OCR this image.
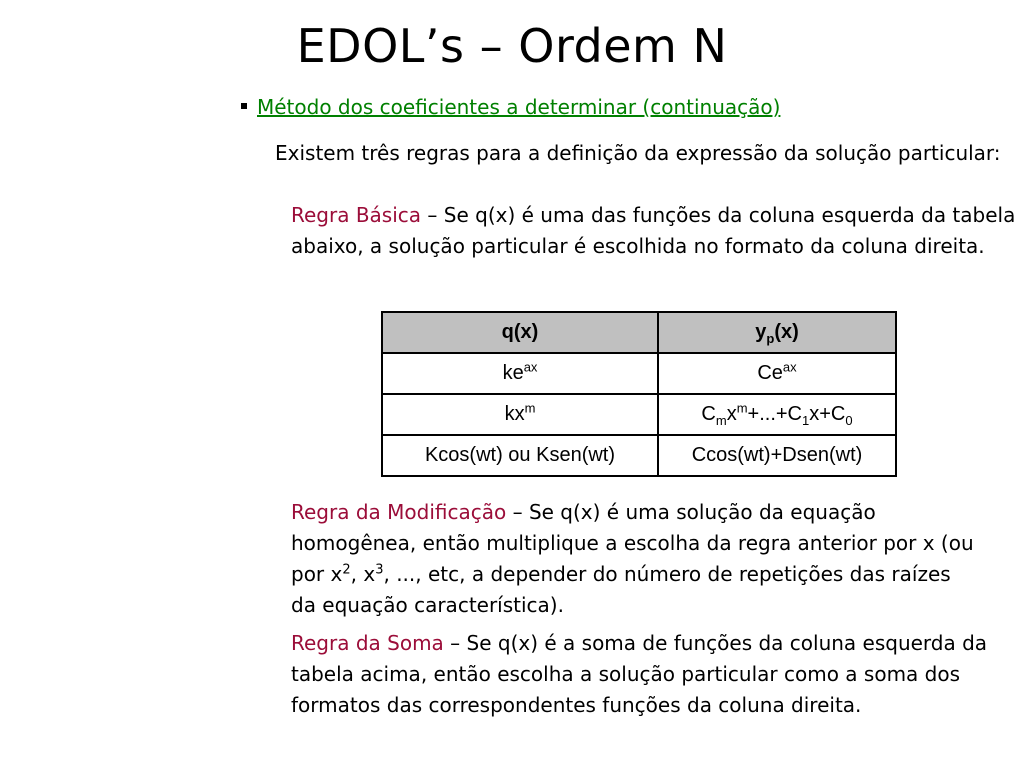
EDOL’s – Ordem N
Método dos coeficientes a determinar (continuação)
Existem três regras para a definição da expressão da solução particular:
Regra Básica – Se q(x) é uma das funções da coluna esquerda da tabela abaixo, a solução particular é escolhida no formato da coluna direita.
q(x)	$y_p(x)$
$ke^{ax}$	$Ce^{ax}$
$kx^m$	$C_mx^m+...+C_1x+C_0$
Kcos(wt) ou Ksen(wt)	Ccos(wt)+Dsen(wt)
Regra da Modificação – Se q(x) é uma solução da equação homogênea, então multiplique a escolha da regra anterior por x (ou por $x^2$, $x^3$, ..., etc, a depender do número de repetições das raízes da equação característica).
Regra da Soma – Se q(x) é a soma de funções da coluna esquerda da tabela acima, então escolha a solução particular como a soma dos formatos das correspondentes funções da coluna direita.
